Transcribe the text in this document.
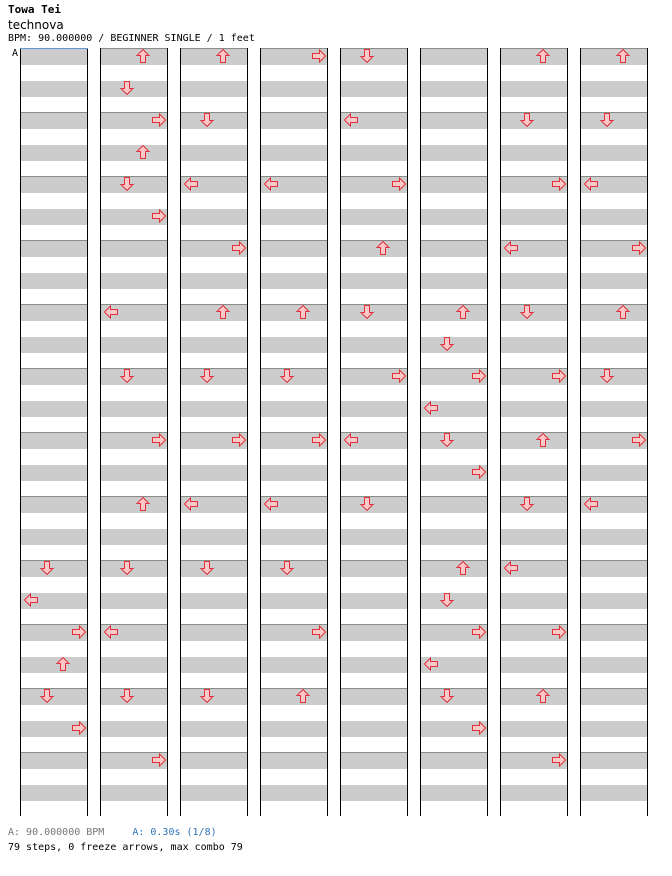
Towa Tei
technova
BPM: 90.000000 / BEGINNER SINGLE / 1 feet
A
A: 90.000000 BPM	A: 0.30s (1/8)
79 steps, 0 freeze arrows, max combo 79
